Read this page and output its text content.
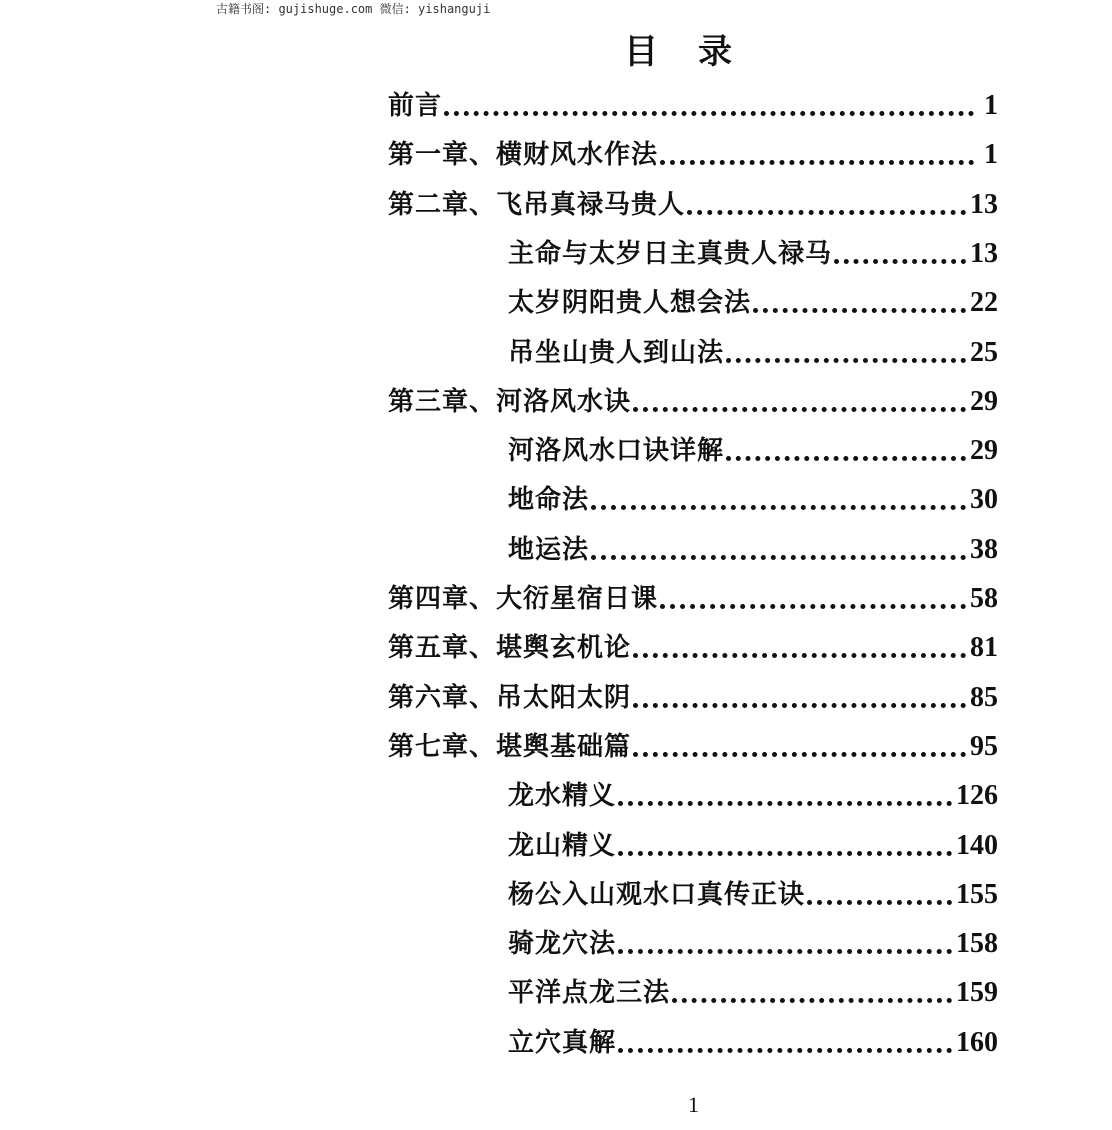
古籍书阁: gujishuge.com 微信: yishanguji
目录
前言	1
第一章、横财风水作法	1
第二章、飞吊真禄马贵人	13
主命与太岁日主真贵人禄马	13
太岁阴阳贵人想会法	22
吊坐山贵人到山法	25
第三章、河洛风水诀	29
河洛风水口诀详解	29
地命法	30
地运法	38
第四章、大衍星宿日课	58
第五章、堪舆玄机论	81
第六章、吊太阳太阴	85
第七章、堪舆基础篇	95
龙水精义	126
龙山精义	140
杨公入山观水口真传正诀	155
骑龙穴法	158
平洋点龙三法	159
立穴真解	160
1
